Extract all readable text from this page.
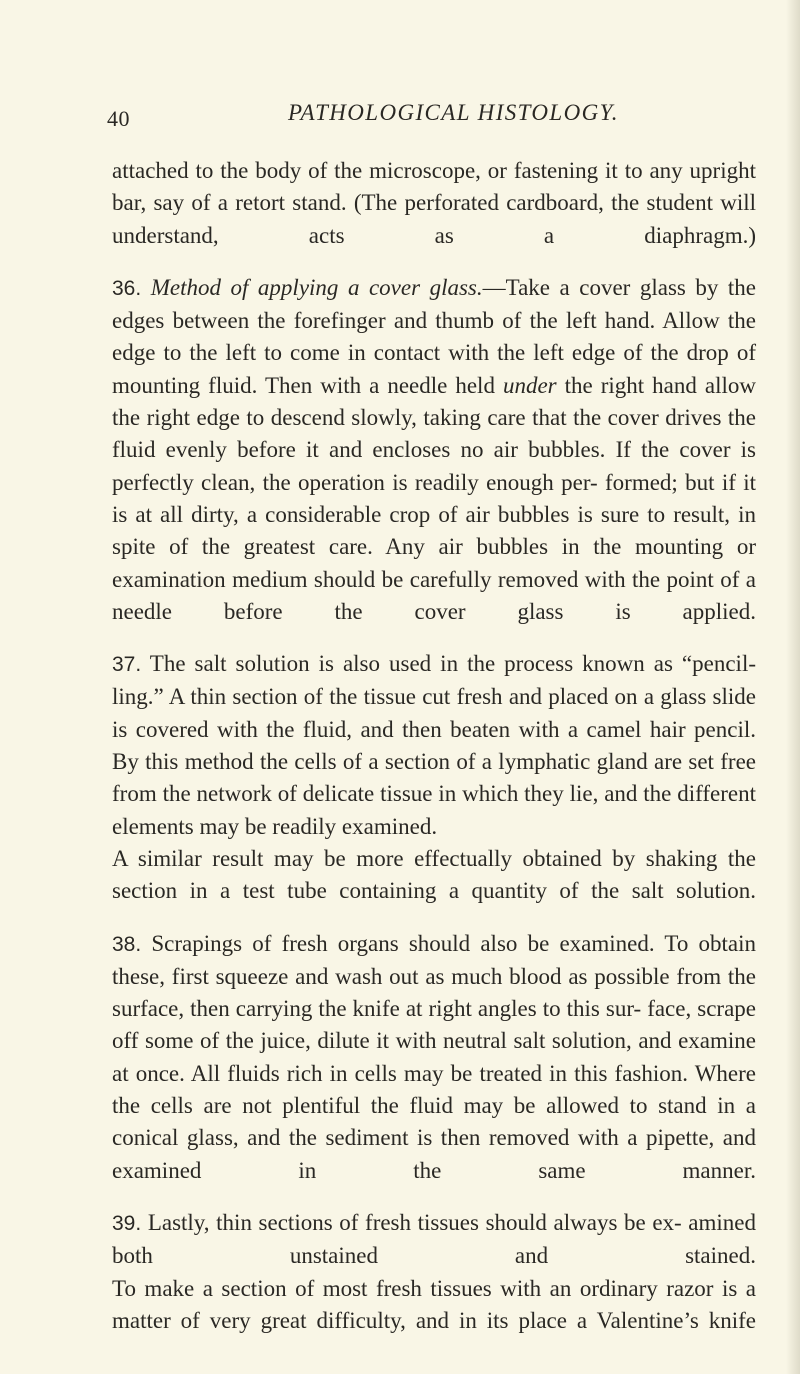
40	PATHOLOGICAL HISTOLOGY.

attached to the body of the microscope, or fastening it to any upright bar, say of a retort stand. (The perforated cardboard, the student will understand, acts as a diaphragm.)

36. Method of applying a cover glass.—Take a cover glass by the edges between the forefinger and thumb of the left hand. Allow the edge to the left to come in contact with the left edge of the drop of mounting fluid. Then with a needle held under the right hand allow the right edge to descend slowly, taking care that the cover drives the fluid evenly before it and encloses no air bubbles. If the cover is perfectly clean, the operation is readily enough per- formed; but if it is at all dirty, a considerable crop of air bubbles is sure to result, in spite of the greatest care. Any air bubbles in the mounting or examination medium should be carefully removed with the point of a needle before the cover glass is applied.

37. The salt solution is also used in the process known as “pencil- ling.” A thin section of the tissue cut fresh and placed on a glass slide is covered with the fluid, and then beaten with a camel hair pencil. By this method the cells of a section of a lymphatic gland are set free from the network of delicate tissue in which they lie, and the different elements may be readily examined.

A similar result may be more effectually obtained by shaking the section in a test tube containing a quantity of the salt solution.

38. Scrapings of fresh organs should also be examined. To obtain these, first squeeze and wash out as much blood as possible from the surface, then carrying the knife at right angles to this sur- face, scrape off some of the juice, dilute it with neutral salt solution, and examine at once. All fluids rich in cells may be treated in this fashion. Where the cells are not plentiful the fluid may be allowed to stand in a conical glass, and the sediment is then removed with a pipette, and examined in the same manner.

39. Lastly, thin sections of fresh tissues should always be ex- amined both unstained and stained.

To make a section of most fresh tissues with an ordinary razor is a matter of very great difficulty, and in its place a Valentine’s knife
